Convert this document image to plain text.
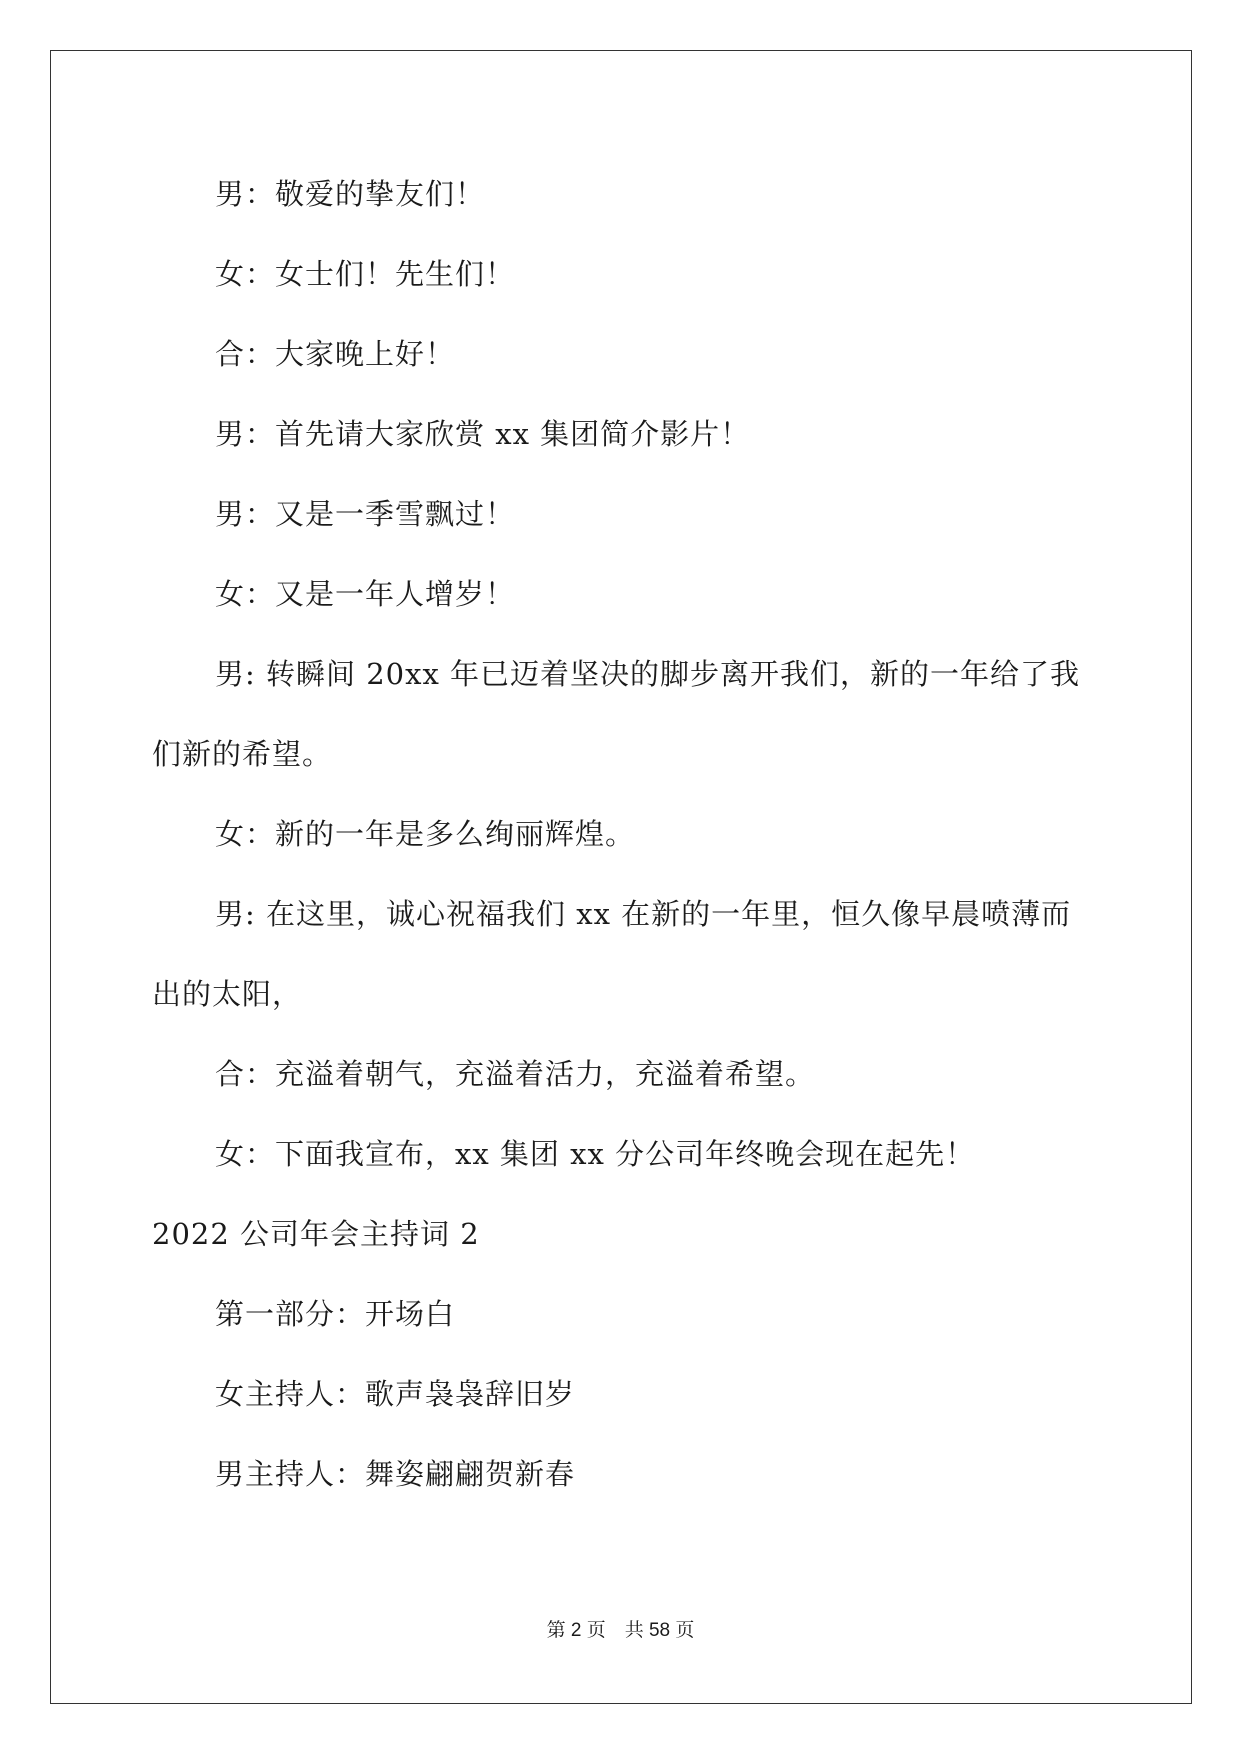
男：敬爱的挚友们！
女：女士们！先生们！
合：大家晚上好！
男：首先请大家欣赏 xx 集团简介影片！
男：又是一季雪飘过！
女：又是一年人增岁！
男: 转瞬间 20xx 年已迈着坚决的脚步离开我们，新的一年给了我
们新的希望。
女：新的一年是多么绚丽辉煌。
男: 在这里，诚心祝福我们 xx 在新的一年里，恒久像早晨喷薄而
出的太阳，
合：充溢着朝气，充溢着活力，充溢着希望。
女：下面我宣布，xx 集团 xx 分公司年终晚会现在起先！
2022 公司年会主持词 2
第一部分：开场白
女主持人：歌声袅袅辞旧岁
男主持人：舞姿翩翩贺新春
第 2 页　共 58 页
